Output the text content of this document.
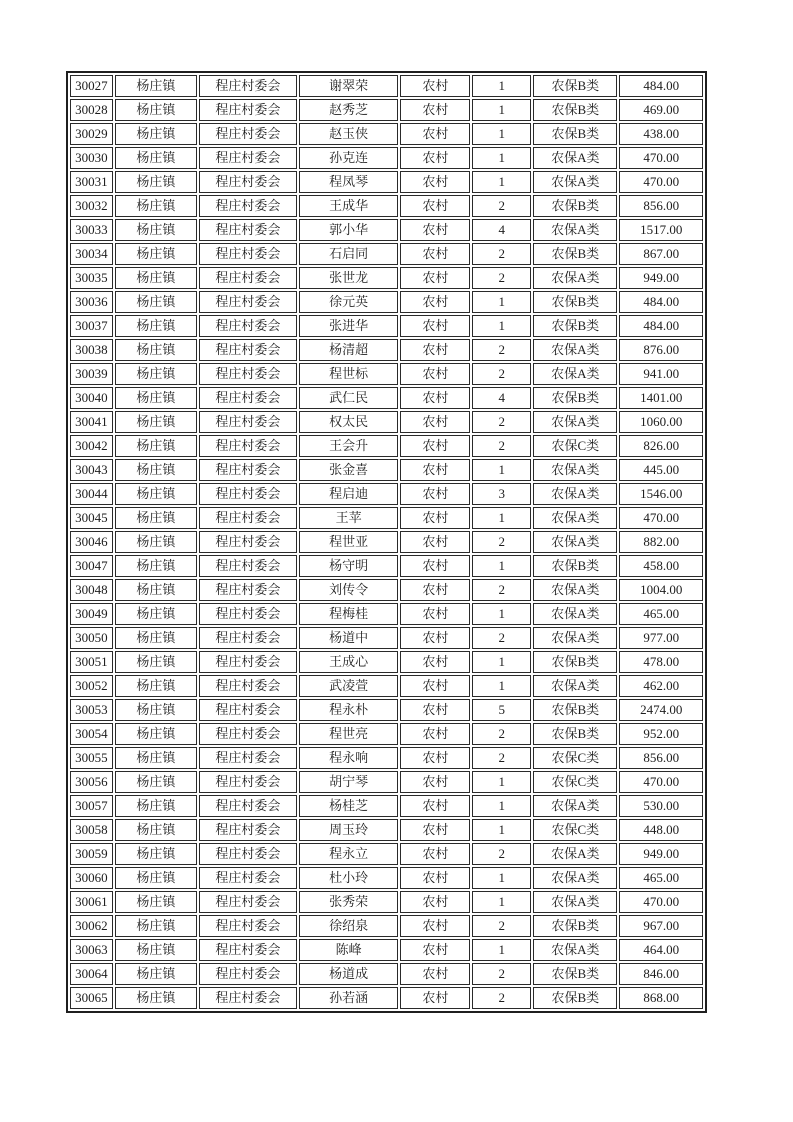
30027	杨庄镇	程庄村委会	谢翠荣	农村	1	农保B类	484.00
30028	杨庄镇	程庄村委会	赵秀芝	农村	1	农保B类	469.00
30029	杨庄镇	程庄村委会	赵玉侠	农村	1	农保B类	438.00
30030	杨庄镇	程庄村委会	孙克连	农村	1	农保A类	470.00
30031	杨庄镇	程庄村委会	程凤琴	农村	1	农保A类	470.00
30032	杨庄镇	程庄村委会	王成华	农村	2	农保B类	856.00
30033	杨庄镇	程庄村委会	郭小华	农村	4	农保A类	1517.00
30034	杨庄镇	程庄村委会	石启同	农村	2	农保B类	867.00
30035	杨庄镇	程庄村委会	张世龙	农村	2	农保A类	949.00
30036	杨庄镇	程庄村委会	徐元英	农村	1	农保B类	484.00
30037	杨庄镇	程庄村委会	张进华	农村	1	农保B类	484.00
30038	杨庄镇	程庄村委会	杨清超	农村	2	农保A类	876.00
30039	杨庄镇	程庄村委会	程世标	农村	2	农保A类	941.00
30040	杨庄镇	程庄村委会	武仁民	农村	4	农保B类	1401.00
30041	杨庄镇	程庄村委会	权太民	农村	2	农保A类	1060.00
30042	杨庄镇	程庄村委会	王会升	农村	2	农保C类	826.00
30043	杨庄镇	程庄村委会	张金喜	农村	1	农保A类	445.00
30044	杨庄镇	程庄村委会	程启迪	农村	3	农保A类	1546.00
30045	杨庄镇	程庄村委会	王苹	农村	1	农保A类	470.00
30046	杨庄镇	程庄村委会	程世亚	农村	2	农保A类	882.00
30047	杨庄镇	程庄村委会	杨守明	农村	1	农保B类	458.00
30048	杨庄镇	程庄村委会	刘传令	农村	2	农保A类	1004.00
30049	杨庄镇	程庄村委会	程梅桂	农村	1	农保A类	465.00
30050	杨庄镇	程庄村委会	杨道中	农村	2	农保A类	977.00
30051	杨庄镇	程庄村委会	王成心	农村	1	农保B类	478.00
30052	杨庄镇	程庄村委会	武凌萱	农村	1	农保A类	462.00
30053	杨庄镇	程庄村委会	程永朴	农村	5	农保B类	2474.00
30054	杨庄镇	程庄村委会	程世亮	农村	2	农保B类	952.00
30055	杨庄镇	程庄村委会	程永响	农村	2	农保C类	856.00
30056	杨庄镇	程庄村委会	胡宁琴	农村	1	农保C类	470.00
30057	杨庄镇	程庄村委会	杨桂芝	农村	1	农保A类	530.00
30058	杨庄镇	程庄村委会	周玉玲	农村	1	农保C类	448.00
30059	杨庄镇	程庄村委会	程永立	农村	2	农保A类	949.00
30060	杨庄镇	程庄村委会	杜小玲	农村	1	农保A类	465.00
30061	杨庄镇	程庄村委会	张秀荣	农村	1	农保A类	470.00
30062	杨庄镇	程庄村委会	徐绍泉	农村	2	农保B类	967.00
30063	杨庄镇	程庄村委会	陈峰	农村	1	农保A类	464.00
30064	杨庄镇	程庄村委会	杨道成	农村	2	农保B类	846.00
30065	杨庄镇	程庄村委会	孙若涵	农村	2	农保B类	868.00
